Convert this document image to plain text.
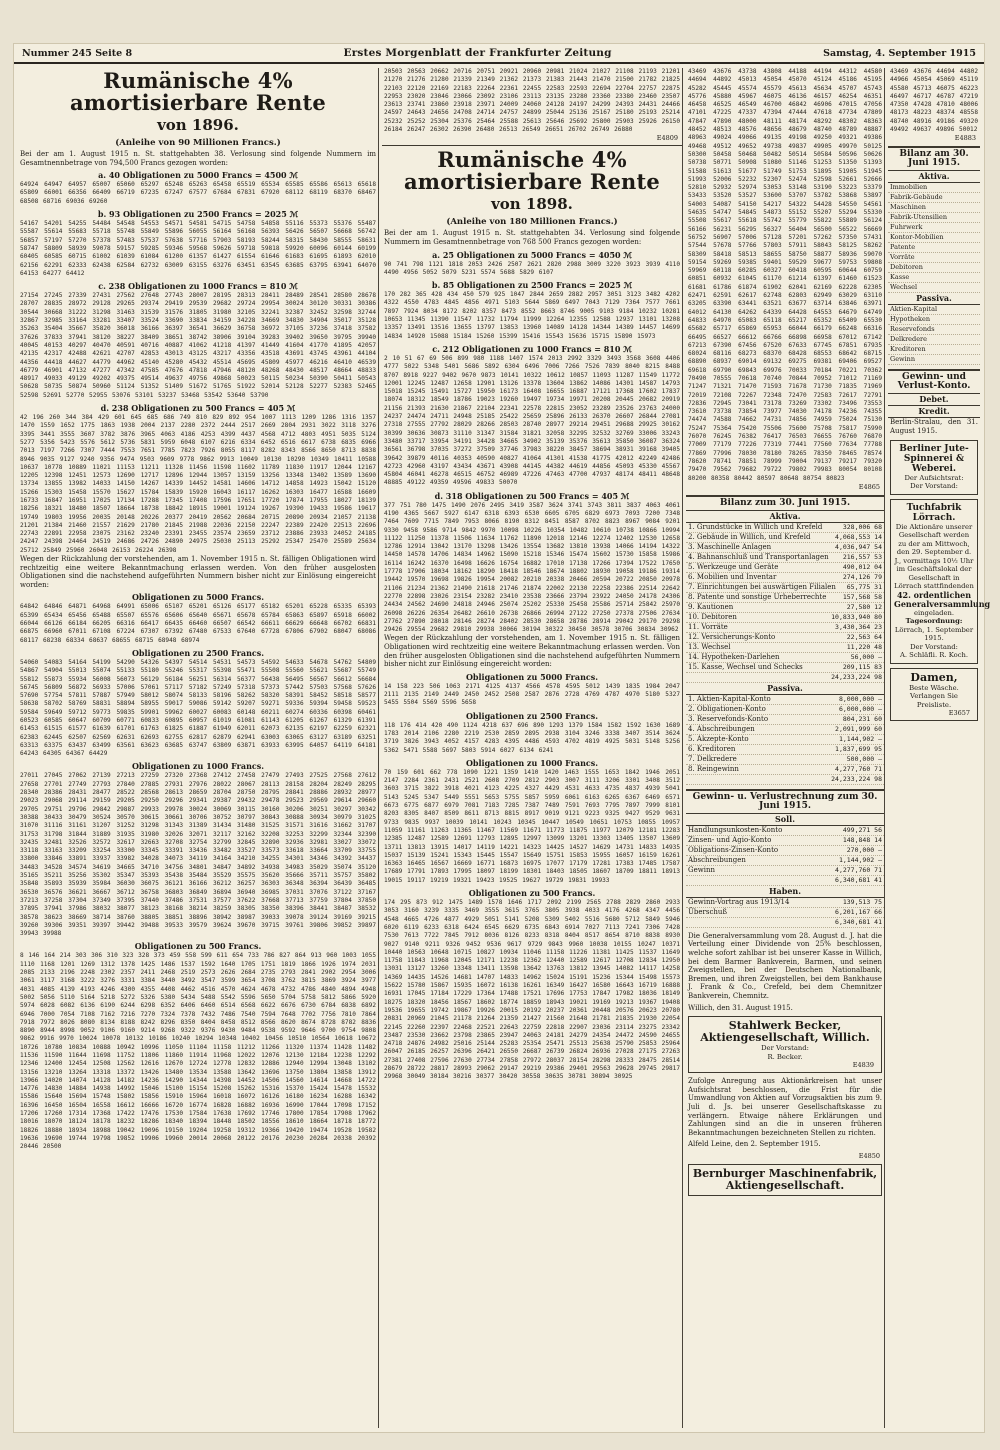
Nummer 245 Seite 8	Erstes Morgenblatt der Frankfurter Zeitung	Samstag, 4. September 1915
Rumänische 4% amortisierbare Rente
von 1896.
(Anleihe von 90 Millionen Francs.)
Bei der am 1. August 1915 n. St. stattgehabten 38. Verlosung sind folgende Nummern im Gesamtnennbetrage von 794,500 Francs gezogen worden:
a. 40 Obligationen zu 5000 Francs = 4500 ℳ
64924 64947 64957 65007 65060 65297 65248 65263 65458 65519 65534 65585 65586 65613 65618 65809 66001 66356 66409 66719 67235 67247 67577 67684 67831 67920 68112 68119 68370 68467 68508 68716 69036 69260
b. 93 Obligationen zu 2500 Francs = 2025 ℳ
54167 54201 54255 54484 54548 54553 54571 54581 54715 54758 54858 55116 55373 55376 55487 55587 55614 55683 55718 55748 55849 55896 56055 56164 56168 56393 56426 56507 56668 56742 56857 57197 57270 57378 57483 57537 57638 57716 57903 58193 58244 58315 58430 58555 58631 58747 58809 58939 59078 59157 59285 59346 59568 59626 59718 59818 59920 60096 60144 60199 60405 60585 60715 61002 61039 61084 61200 61357 61427 61554 61646 61683 61695 61893 62010 62156 62291 62333 62438 62584 62732 63009 63155 63276 63451 63545 63685 63795 63941 64070 64153 64277 64412
c. 238 Obligationen zu 1000 Francs = 810 ℳ
27154 27245 27339 27431 27562 27648 27743 28007 28195 28313 28411 28489 28541 28580 28678 28707 28835 28972 29128 29265 29374 29419 29539 29682 29724 29954 30024 30120 30331 30386 30544 30668 31222 31298 31463 31539 31576 31805 31980 32105 32241 32387 32452 32598 32744 32867 32985 33164 33281 33407 33524 33690 33834 34159 34228 34669 34830 34904 35017 35128 35263 35404 35667 35820 36018 36166 36397 36541 36629 36758 36972 37105 37236 37418 37582 37626 37833 37941 38120 38227 38409 38651 38742 38906 39104 39283 39402 39650 39795 39940 40045 40153 40297 40470 40591 40716 40887 41062 41218 41397 41449 41604 41770 41895 42057 42135 42317 42488 42621 42707 42853 43013 43125 43217 43356 43518 43691 43745 43961 44104 44356 44418 44627 44779 44962 45140 45280 45432 45514 45695 45809 45977 46216 46410 46539 46779 46901 47132 47277 47342 47585 47676 47818 47946 48120 48268 48430 48517 48664 48833 48917 49033 49129 49202 49375 49514 49637 49756 49868 50023 50115 50234 50390 50411 50543 50628 50735 50874 50960 51124 51352 51409 51672 51765 51922 52014 52128 52277 52383 52465 52598 52691 52770 52955 53076 53101 53237 53468 53542 53640 53790
d. 238 Obligationen zu 500 Francs = 405 ℳ
42 196 260 344 384 429 601 645 685 686 749 810 829 892 954 1007 1113 1209 1286 1316 1357 1470 1559 1652 1775 1863 1938 2004 2137 2280 2372 2444 2517 2669 2804 2931 3022 3118 3276 3395 3441 3555 3607 3782 3876 3965 4063 4186 4253 4399 4437 4568 4712 4803 4951 5035 5124 5277 5356 5423 5576 5612 5736 5831 5959 6048 6107 6216 6334 6452 6516 6617 6738 6835 6966 7013 7197 7266 7307 7444 7553 7651 7785 7823 7926 8055 8117 8282 8343 8566 8650 8713 8838 8946 9035 9127 9240 9356 9474 9503 9609 9778 9862 9913 10049 10130 10290 10349 10411 10588 10637 10778 10889 11021 11153 11211 11328 11456 11598 11602 11789 11830 11917 12044 12167 12205 12398 12451 12573 12690 12717 12896 12944 13057 13159 13256 13348 13402 13589 13690 13734 13855 13982 14033 14150 14267 14339 14452 14581 14606 14712 14858 14923 15042 15120 15266 15303 15458 15570 15627 15784 15839 15920 16043 16117 16262 16303 16477 16588 16609 16733 16847 16951 17025 17134 17288 17345 17408 17596 17651 17720 17874 17955 18027 18139 18256 18321 18480 18507 18664 18738 18842 18915 19001 19124 19267 19390 19433 19586 19617 19749 19803 19956 20035 20148 20226 20377 20419 20562 20684 20715 20890 20934 21057 21138 21201 21384 21460 21557 21629 21780 21845 21988 22036 22150 22247 22389 22420 22513 22696 22743 22891 22958 23075 23162 23240 23391 23455 23574 23659 23712 23886 23933 24052 24185 24247 24398 24464 24519 24686 24726 24890 24975 25030 25113 25292 25347 25470 25589 25634 25712 25849 25960 26048 26153 26224 26398
Wegen der Rückzahlung der vorstehenden, am 1. November 1915 n. St. fälligen Obligationen wird rechtzeitig eine weitere Bekanntmachung erlassen werden. Von den früher ausgelosten Obligationen sind die nachstehend aufgeführten Nummern bisher nicht zur Einlösung eingereicht worden:
Obligationen zu 5000 Francs.
64842 64846 64871 64968 64991 65006 65107 65201 65126 65177 65182 65201 65228 65335 65393 65399 65434 65456 65488 65507 65576 65606 65640 65671 65678 65784 65863 65897 65918 66002 66044 66126 66184 66205 66316 66417 66435 66460 66507 66542 66611 66629 66648 66702 66831 66875 66960 67011 67108 67224 67307 67392 67480 67533 67640 67728 67806 67902 68047 68086 68117 68238 68334 68637 68655 68715 68948 68974
Obligationen zu 2500 Francs.
54060 54083 54164 54199 54290 54326 54397 54514 54531 54573 54592 54633 54678 54762 54809 54867 54904 55013 55074 55133 55180 55246 55317 55398 55471 55508 55560 55621 55687 55749 55812 55873 55934 56008 56073 56129 56184 56251 56314 56377 56438 56495 56567 56612 56684 56745 56809 56872 56933 57006 57061 57117 57182 57249 57318 57373 57442 57503 57568 57626 57690 57754 57811 57887 57949 58012 58074 58133 58196 58262 58320 58391 58452 58518 58577 58638 58702 58769 58831 58894 58955 59017 59086 59142 59207 59271 59336 59394 59458 59523 59584 59649 59712 59773 59835 59901 59962 60027 60083 60148 60211 60274 60336 60398 60461 60523 60585 60647 60709 60771 60833 60895 60957 61019 61081 61143 61205 61267 61329 61391 61453 61515 61577 61639 61701 61763 61825 61887 61949 62011 62073 62135 62197 62259 62321 62383 62445 62507 62569 62631 62693 62755 62817 62879 62941 63003 63065 63127 63189 63251 63313 63375 63437 63499 63561 63623 63685 63747 63809 63871 63933 63995 64057 64119 64181 64243 64305 64367 64429
Obligationen zu 1000 Francs.
27011 27045 27062 27139 27213 27259 27320 27368 27412 27458 27479 27493 27525 27568 27612 27658 27701 27749 27793 27840 27885 27931 27976 28022 28067 28113 28158 28204 28249 28295 28340 28386 28431 28477 28522 28568 28613 28659 28704 28750 28795 28841 28886 28932 28977 29023 29068 29114 29159 29205 29250 29296 29341 29387 29432 29478 29523 29569 29614 29660 29705 29751 29796 29842 29887 29933 29978 30024 30069 30115 30160 30206 30251 30297 30342 30388 30433 30479 30524 30570 30615 30661 30706 30752 30797 30843 30888 30934 30979 31025 31070 31116 31161 31207 31252 31298 31343 31389 31434 31480 31525 31571 31616 31662 31707 31753 31798 31844 31889 31935 31980 32026 32071 32117 32162 32208 32253 32299 32344 32390 32435 32481 32526 32572 32617 32663 32708 32754 32799 32845 32890 32936 32981 33027 33072 33118 33163 33209 33254 33300 33345 33391 33436 33482 33527 33573 33618 33664 33709 33755 33800 33846 33891 33937 33982 34028 34073 34119 34164 34210 34255 34301 34346 34392 34437 34483 34528 34574 34619 34665 34710 34756 34801 34847 34892 34938 34983 35029 35074 35120 35165 35211 35256 35302 35347 35393 35438 35484 35529 35575 35620 35666 35711 35757 35802 35848 35893 35939 35984 36030 36075 36121 36166 36212 36257 36303 36348 36394 36439 36485 36530 36576 36621 36667 36712 36758 36803 36849 36894 36940 36985 37031 37076 37122 37167 37213 37258 37304 37349 37395 37440 37486 37531 37577 37622 37668 37713 37759 37804 37850 37895 37941 37986 38032 38077 38123 38168 38214 38259 38305 38350 38396 38441 38487 38532 38578 38623 38669 38714 38760 38805 38851 38896 38942 38987 39033 39078 39124 39169 39215 39260 39306 39351 39397 39442 39488 39533 39579 39624 39670 39715 39761 39806 39852 39897 39943 39988
Obligationen zu 500 Francs.
8 146 164 214 303 306 310 323 328 373 459 558 599 611 654 733 786 827 864 913 960 1003 1055 1110 1168 1201 1269 1312 1378 1425 1486 1537 1592 1640 1705 1751 1819 1866 1926 1974 2031 2085 2133 2196 2248 2302 2357 2411 2468 2519 2573 2626 2684 2735 2793 2841 2902 2954 3006 3061 3117 3168 3222 3276 3331 3384 3440 3492 3547 3599 3654 3708 3762 3815 3869 3924 3977 4031 4085 4139 4193 4246 4300 4355 4408 4462 4516 4570 4624 4678 4732 4786 4840 4894 4948 5002 5056 5110 5164 5218 5272 5326 5380 5434 5488 5542 5596 5650 5704 5758 5812 5866 5920 5974 6028 6082 6136 6190 6244 6298 6352 6406 6460 6514 6568 6622 6676 6730 6784 6838 6892 6946 7000 7054 7108 7162 7216 7270 7324 7378 7432 7486 7540 7594 7648 7702 7756 7810 7864 7918 7972 8026 8080 8134 8188 8242 8296 8350 8404 8458 8512 8566 8620 8674 8728 8782 8836 8890 8944 8998 9052 9106 9160 9214 9268 9322 9376 9430 9484 9538 9592 9646 9700 9754 9808 9862 9916 9970 10024 10078 10132 10186 10240 10294 10348 10402 10456 10510 10564 10618 10672 10726 10780 10834 10888 10942 10996 11050 11104 11158 11212 11266 11320 11374 11428 11482 11536 11590 11644 11698 11752 11806 11860 11914 11968 12022 12076 12130 12184 12238 12292 12346 12400 12454 12508 12562 12616 12670 12724 12778 12832 12886 12940 12994 13048 13102 13156 13210 13264 13318 13372 13426 13480 13534 13588 13642 13696 13750 13804 13858 13912 13966 14020 14074 14128 14182 14236 14290 14344 14398 14452 14506 14560 14614 14668 14722 14776 14830 14884 14938 14992 15046 15100 15154 15208 15262 15316 15370 15424 15478 15532 15586 15640 15694 15748 15802 15856 15910 15964 16018 16072 16126 16180 16234 16288 16342 16396 16450 16504 16558 16612 16666 16720 16774 16828 16882 16936 16990 17044 17098 17152 17206 17260 17314 17368 17422 17476 17530 17584 17638 17692 17746 17800 17854 17908 17962 18016 18070 18124 18178 18232 18286 18340 18394 18448 18502 18556 18610 18664 18718 18772 18826 18880 18934 18988 19042 19096 19150 19204 19258 19312 19366 19420 19474 19528 19582 19636 19690 19744 19798 19852 19906 19960 20014 20068 20122 20176 20230 20284 20338 20392 20446 20500
20503 20563 20662 20716 20751 20921 20960 20981 21024 21027 21108 21193 21201 21270 21276 21280 21339 21349 21362 21373 21383 21443 21470 21500 21782 21825 22103 22120 22169 22183 22264 22361 22455 22583 22593 22694 22704 22757 22875 22953 23020 23046 23066 23092 23106 23113 23135 23280 23360 23380 23460 23507 23613 23741 23860 23918 23971 24009 24060 24128 24197 24299 24393 24431 24466 24597 24643 24656 24708 24714 24757 24899 25044 25136 25167 25180 25193 25214 25232 25252 25304 25376 25464 25588 25613 25646 25692 25800 25903 25926 26150 26184 26247 26302 26390 26480 26513 26549 26651 26702 26749 26880
E4809
Rumänische 4% amortisierbare Rente
von 1898.
(Anleihe von 180 Millionen Francs.)
Bei der am 1. August 1915 n. St. stattgehabten 34. Verlosung sind folgende Nummern im Gesamtnennbetrage von 768 500 Francs gezogen worden:
a. 25 Obligationen zu 5000 Francs = 4050 ℳ
90 741 798 1121 1818 2053 2426 2507 2621 2820 2988 3009 3220 3923 3939 4110 4490 4956 5052 5079 5231 5574 5688 5829 6107
b. 85 Obligationen zu 2500 Francs = 2025 ℳ
170 282 365 428 434 450 579 925 1047 2844 2659 2882 2957 3051 3123 3482 4202 4322 4550 4783 4845 4856 4971 5103 5644 5869 6497 7043 7129 7364 7577 7661 7897 7924 8034 8172 8202 8357 8473 8552 8663 8746 9005 9103 9184 10232 10281 10653 11345 11390 11547 11732 11794 11999 12264 12355 12588 12937 13101 13208 13357 13491 13516 13655 13797 13853 13960 14089 14128 14344 14389 14457 14699 14834 14920 15088 15184 15260 15399 15416 15543 15636 15715 15890 15973
c. 212 Obligationen zu 1000 Francs = 810 ℳ
2 10 51 67 69 506 899 980 1188 1407 1574 2013 2992 3329 3493 3568 3608 4406 4777 5022 5348 5401 5686 5892 6304 6496 7006 7266 7526 7839 8040 8215 8488 8707 8918 9227 9402 9670 9873 10141 10322 10612 10857 11093 11287 11549 11772 12001 12245 12487 12658 12901 13126 13378 13604 13862 14086 14301 14587 14793 15018 15245 15491 15727 15950 16173 16408 16655 16887 17121 17368 17602 17837 18074 18312 18549 18786 19023 19260 19497 19734 19971 20208 20445 20682 20919 21156 21393 21630 21867 22104 22341 22578 22815 23052 23289 23526 23763 24000 24237 24474 24711 24948 25185 25422 25659 25896 26133 26370 26607 26844 27081 27318 27555 27792 28029 28266 28503 28740 28977 29214 29451 29688 29925 30162 30399 30636 30873 31110 31347 31584 31821 32058 32295 32532 32769 33006 33243 33480 33717 33954 34191 34428 34665 34902 35139 35376 35613 35850 36087 36324 36561 36798 37035 37272 37509 37746 37983 38220 38457 38694 38931 39168 39405 39642 39879 40116 40353 40590 40827 41064 41301 41538 41775 42012 42249 42486 42723 42960 43197 43434 43671 43908 44145 44382 44619 44856 45093 45330 45567 45804 46041 46278 46515 46752 46989 47226 47463 47700 47937 48174 48411 48648 48885 49122 49359 49596 49833 50070
d. 318 Obligationen zu 500 Francs = 405 ℳ
377 751 780 1475 1490 2076 2495 3419 3587 3624 3741 3743 3811 3837 4063 4061 4190 4365 5667 5927 6147 6318 6393 6530 6605 6705 6829 6973 7093 7200 7348 7464 7609 7715 7849 7953 8066 8190 8312 8451 8587 8702 8823 8967 9084 9201 9330 9458 9586 9714 9842 9970 10098 10226 10354 10482 10610 10738 10866 10994 11122 11250 11378 11506 11634 11762 11890 12018 12146 12274 12402 12530 12658 12786 12914 13042 13170 13298 13426 13554 13682 13810 13938 14066 14194 14322 14450 14578 14706 14834 14962 15090 15218 15346 15474 15602 15730 15858 15986 16114 16242 16370 16498 16626 16754 16882 17010 17138 17266 17394 17522 17650 17778 17906 18034 18162 18290 18418 18546 18674 18802 18930 19058 19186 19314 19442 19570 19698 19826 19954 20082 20210 20338 20466 20594 20722 20850 20978 21106 21234 21362 21490 21618 21746 21874 22002 22130 22258 22386 22514 22642 22770 22898 23026 23154 23282 23410 23538 23666 23794 23922 24050 24178 24306 24434 24562 24690 24818 24946 25074 25202 25330 25458 25586 25714 25842 25970 26098 26226 26354 26482 26610 26738 26866 26994 27122 27250 27378 27506 27634 27762 27890 28018 28146 28274 28402 28530 28658 28786 28914 29042 29170 29298 29426 29554 29682 29810 29938 30066 30194 30322 30450 30578 30706 30834 30962
Wegen der Rückzahlung der vorstehenden, am 1. November 1915 n. St. fälligen Obligationen wird rechtzeitig eine weitere Bekanntmachung erlassen werden. Von den früher ausgelosten Obligationen sind die nachstehend aufgeführten Nummern bisher nicht zur Einlösung eingereicht worden:
Obligationen zu 5000 Francs.
14 158 223 506 1063 2171 4125 4137 4566 4578 4595 5012 1439 1835 1984 2047 2111 2135 2149 2449 2450 2452 2508 2587 2876 2728 4769 4787 4970 5180 5327 5455 5504 5569 5596 5658
Obligationen zu 2500 Francs.
118 176 414 420 490 1124 4218 637 696 890 1293 1379 1584 1582 1592 1630 1689 1783 2014 2106 2280 2219 2530 2859 2895 2938 3104 3246 3338 3407 3514 3624 3719 3826 3943 4052 4157 4283 4395 4486 4593 4702 4819 4925 5031 5148 5256 5362 5471 5588 5697 5803 5914 6027 6134 6241
Obligationen zu 1000 Francs.
70 159 601 662 778 1090 1221 1359 1410 1420 1463 1555 1653 1842 1946 2051 2147 2284 2361 2431 2521 2608 2709 2812 2903 3007 3111 3206 3301 3408 3512 3603 3715 3822 3918 4021 4123 4225 4327 4429 4531 4633 4735 4837 4939 5041 5143 5245 5347 5449 5551 5653 5755 5857 5959 6061 6163 6265 6367 6469 6571 6673 6775 6877 6979 7081 7183 7285 7387 7489 7591 7693 7795 7897 7999 8101 8203 8305 8407 8509 8611 8713 8815 8917 9019 9121 9223 9325 9427 9529 9631 9733 9835 9937 10039 10141 10243 10345 10447 10549 10651 10753 10855 10957 11059 11161 11263 11365 11467 11569 11671 11773 11875 11977 12079 12181 12283 12385 12487 12589 12691 12793 12895 12997 13099 13201 13303 13405 13507 13609 13711 13813 13915 14017 14119 14221 14323 14425 14527 14629 14731 14833 14935 15037 15139 15241 15343 15445 15547 15649 15751 15853 15955 16057 16159 16261 16363 16465 16567 16669 16771 16873 16975 17077 17179 17281 17383 17485 17587 17689 17791 17893 17995 18097 18199 18301 18403 18505 18607 18709 18811 18913 19015 19117 19219 19321 19423 19525 19627 19729 19831 19933
Obligationen zu 500 Francs.
174 295 873 912 1475 1489 1578 1646 1717 2092 2199 2565 2788 2829 2860 2933 3053 3160 3239 3335 3469 3555 3615 3765 3805 3938 4033 4176 4268 4347 4456 4548 4665 4726 4877 4929 5051 5141 5208 5309 5402 5516 5680 5712 5849 5946 6020 6119 6233 6318 6424 6545 6629 6735 6843 6914 7027 7113 7241 7306 7428 7530 7613 7722 7845 7912 8036 8126 8233 8318 8404 8517 8654 8710 8838 8930 9027 9140 9211 9326 9452 9536 9617 9729 9843 9960 10038 10155 10247 10371 10440 10563 10648 10715 10827 10934 11046 11158 11226 11381 11425 11537 11649 11758 11843 11968 12045 12171 12238 12362 12440 12589 12617 12708 12834 12950 13031 13127 13260 13348 13411 13598 13642 13763 13812 13945 14082 14117 14258 14369 14435 14526 14681 14707 14833 14962 15024 15191 15236 15344 15498 15573 15622 15780 15867 15935 16072 16138 16261 16349 16427 16580 16643 16719 16888 16931 17045 17184 17229 17364 17488 17521 17696 17753 17847 17982 18036 18149 18275 18320 18456 18567 18602 18774 18859 18943 19021 19169 19213 19367 19408 19536 19655 19742 19867 19926 20015 20192 20237 20361 20448 20576 20623 20780 20831 20969 21045 21178 21264 21359 21427 21560 21648 21781 21835 21930 22054 22145 22260 22397 22468 22521 22643 22759 22818 22907 23036 23114 23275 23342 23487 23530 23662 23798 23865 23947 24063 24181 24279 24354 24472 24590 24655 24718 24876 24982 25016 25144 25283 25354 25471 25513 25638 25790 25853 25964 26047 26185 26257 26396 26421 26550 26687 26739 26824 26936 27028 27175 27263 27381 27408 27596 27630 27734 27858 27972 28037 28154 28298 28333 28475 28514 28679 28722 28817 28993 29062 29147 29219 29386 29401 29563 29628 29745 29817 29968 30049 30184 30216 30377 30420 30558 30635 30781 30894 30925
43469 43676 43738 43808 44188 44194 44312 44580 44694 44892 45013 45054 45070 45124 45186 45195 45282 45445 45574 45579 45613 45634 45707 45743 45776 45880 45967 46075 46136 46157 46254 46351 46458 46525 46549 46700 46842 46906 47015 47056 47101 47225 47337 47394 47444 47618 47734 47809 47847 47890 48000 48111 48174 48292 48302 48363 48452 48513 48576 48656 48679 48740 48789 48887 48963 49024 49066 49135 49198 49250 49321 49386 49468 49512 49652 49738 49837 49905 49970 50125 50300 50458 50468 50482 50514 50584 50596 50626 50738 50771 50908 51080 51146 51253 51350 51393 51588 51613 51677 51749 51753 51895 51905 51945 51993 52006 52232 52307 52474 52598 52661 52666 52810 52932 52974 53053 53148 53190 53223 53379 53433 53520 53527 53600 53707 53782 53868 53897 54003 54087 54150 54217 54322 54428 54550 54561 54635 54747 54845 54873 55152 55207 55294 55330 55508 55617 55618 55742 55779 55822 55889 56124 56166 56231 56295 56327 56404 56500 56522 56669 56752 56907 57006 57128 57201 57262 57350 57431 57544 57678 57766 57803 57911 58043 58125 58262 58309 58418 58513 58655 58750 58877 58936 59070 59154 59269 59385 59401 59529 59677 59753 59808 59969 60118 60285 60327 60418 60595 60644 60759 60851 60932 61045 61170 61214 61397 61460 61523 61681 61786 61874 61902 62041 62169 62228 62305 62471 62591 62617 62748 62803 62949 63029 63110 63205 63390 63441 63521 63677 63714 63846 63971 64012 64130 64262 64339 64428 64553 64679 64749 64833 64970 65083 65118 65217 65352 65409 65530 65682 65717 65869 65953 66044 66179 66248 66316 66495 66527 66612 66766 66898 66958 67012 67142 67213 67390 67456 67520 67633 67745 67851 67935 68024 68116 68273 68370 68428 68553 68642 68715 68890 68937 69014 69132 69275 69381 69406 69527 69618 69790 69843 69976 70033 70184 70221 70362 70490 70555 70618 70740 70844 70952 71012 71169 71247 71321 71470 71593 71678 71730 71835 71969 72019 72108 72267 72348 72470 72583 72617 72791 72836 72945 73041 73178 73269 73302 73496 73553 73610 73738 73854 73977 74030 74178 74236 74355 74474 74588 74662 74731 74856 74959 75024 75130 75247 75364 75420 75506 75600 75708 75817 75990 76070 76245 76382 76417 76503 76655 76760 76870 77009 77179 77226 77319 77441 77560 77634 77788 77869 77996 78030 78180 78265 78350 78465 78574 78620 78741 78851 78999 79004 79137 79217 79320 79470 79562 79682 79722 79802 79983 80054 80108 80200 80358 80442 80597 80648 80754 80823
E4865
Bilanz zum 30. Juni 1915.
Aktiva.
1. Grundstücke in Willich und Krefeld	328,006 68
2. Gebäude in Willich, und Krefeld	4,068,553 14
3. Maschinelle Anlagen	4,036,947 54
4. Bahnanschluß und Transportanlagen 216,557 53
5. Werkzeuge und Geräte	490,012 04
6. Mobilien und Inventar	274,126 79
7. Einrichtungen bei auswärtigen Filialen 65,775 31
8. Patente und sonstige Urheberrechte	157,568 58
9. Kautionen	27,580 12
10. Debitoren	10,833,940 80
11. Vorräte	3,430,364 23
12. Versicherungs-Konto	22,563 64
13. Wechsel	11,220 48
14. Hypotheken-Darlehen	56,000 —
15. Kasse, Wechsel und Schecks	209,115 83
24,233,224 98
Passiva.
1. Aktien-Kapital-Konto	8,000,000 —
2. Obligationen-Konto	6,000,000 —
3. Reservefonds-Konto	804,231 60
4. Abschreibungen	2,091,999 60
5. Akzepte-Konto	1,144,902 —
6. Kreditoren	1,837,699 95
7. Delkredere	500,000 —
8. Reingewinn	4,277,760 71
24,233,224 98
Gewinn- u. Verlustrechnung zum 30. Juni 1915.
Soll.
Handlungsunkosten-Konto	499,271 56
Zinsen- und Agio-Konto	148,848 14
Obligations-Zinsen-Konto	270,000 —
Abschreibungen	1,144,902 —
Gewinn	4,277,760 71
6,340,681 41
Haben.
Gewinn-Vortrag aus 1913/14	139,513 75
Überschuß	6,201,167 66
6,340,681 41
Die Generalversammlung vom 28. August d. J. hat die Verteilung einer Dividende von 25% beschlossen, welche sofort zahlbar ist bei unserer Kasse in Willich, bei dem Barmer Bankverein, Barmen, und seinen Zweigstellen, bei der Deutschen Nationalbank, Bremen, und ihren Zweigstellen, bei dem Bankhause J. Frank & Co., Crefeld, bei dem Chemnitzer Bankverein, Chemnitz.
Willich, den 31. August 1915.
Stahlwerk Becker, Aktiengesellschaft, Willich.
Der Vorstand:
R. Becker.
E4839
Zufolge Anregung aus Aktionärkreisen hat unser Aufsichtsrat beschlossen, die Frist für die Umwandlung von Aktien auf Vorzugsaktien bis zum 9. Juli d. Js. bei unserer Gesellschaftskasse zu verlängern. Etwaige nähere Erklärungen und Zahlungen sind an die in unseren früheren Bekanntmachungen bezeichneten Stellen zu richten.
Alfeld Leine, den 2. September 1915.
E4850
Bernburger Maschinenfabrik, Aktiengesellschaft.
43469 43676 44694 44802 44966 45054 45069 45119 45580 45713 46075 46223 46497 46717 46787 47219 47350 47428 47810 48006 48173 48223 48374 48558 48740 48916 49186 49320 49492 49637 49896 50012
E4883
Bilanz am 30. Juni 1915.
Aktiva.
Immobilien
Fabrik-Gebäude
Maschinen
Fabrik-Utensilien
Fuhrwerk
Kontor-Mobilien
Patente
Vorräte
Debitoren
Kasse
Wechsel
Passiva.
Aktien-Kapital
Hypotheken
Reservefonds
Delkredere
Kreditoren
Gewinn
Gewinn- und Verlust-Konto.
Debet.
Kredit.
Berlin-Stralau, den 31. August 1915.
Berliner Jute-Spinnerei & Weberei.
Der Aufsichtsrat:
Der Vorstand:
Tuchfabrik Lörrach.
Die Aktionäre unserer Gesellschaft werden zu der am Mittwoch, den 29. September d. J., vormittags 10½ Uhr im Geschäftslokal der Gesellschaft in Lörrach stattfindenden
42. ordentlichen Generalversammlung
eingeladen.
Tagesordnung:
Lörrach, 1. September 1915.
Der Vorstand:
A. Schläfli. R. Koch.
Damen,
Beste Wäsche. Verlangen Sie Preisliste.
E3657
